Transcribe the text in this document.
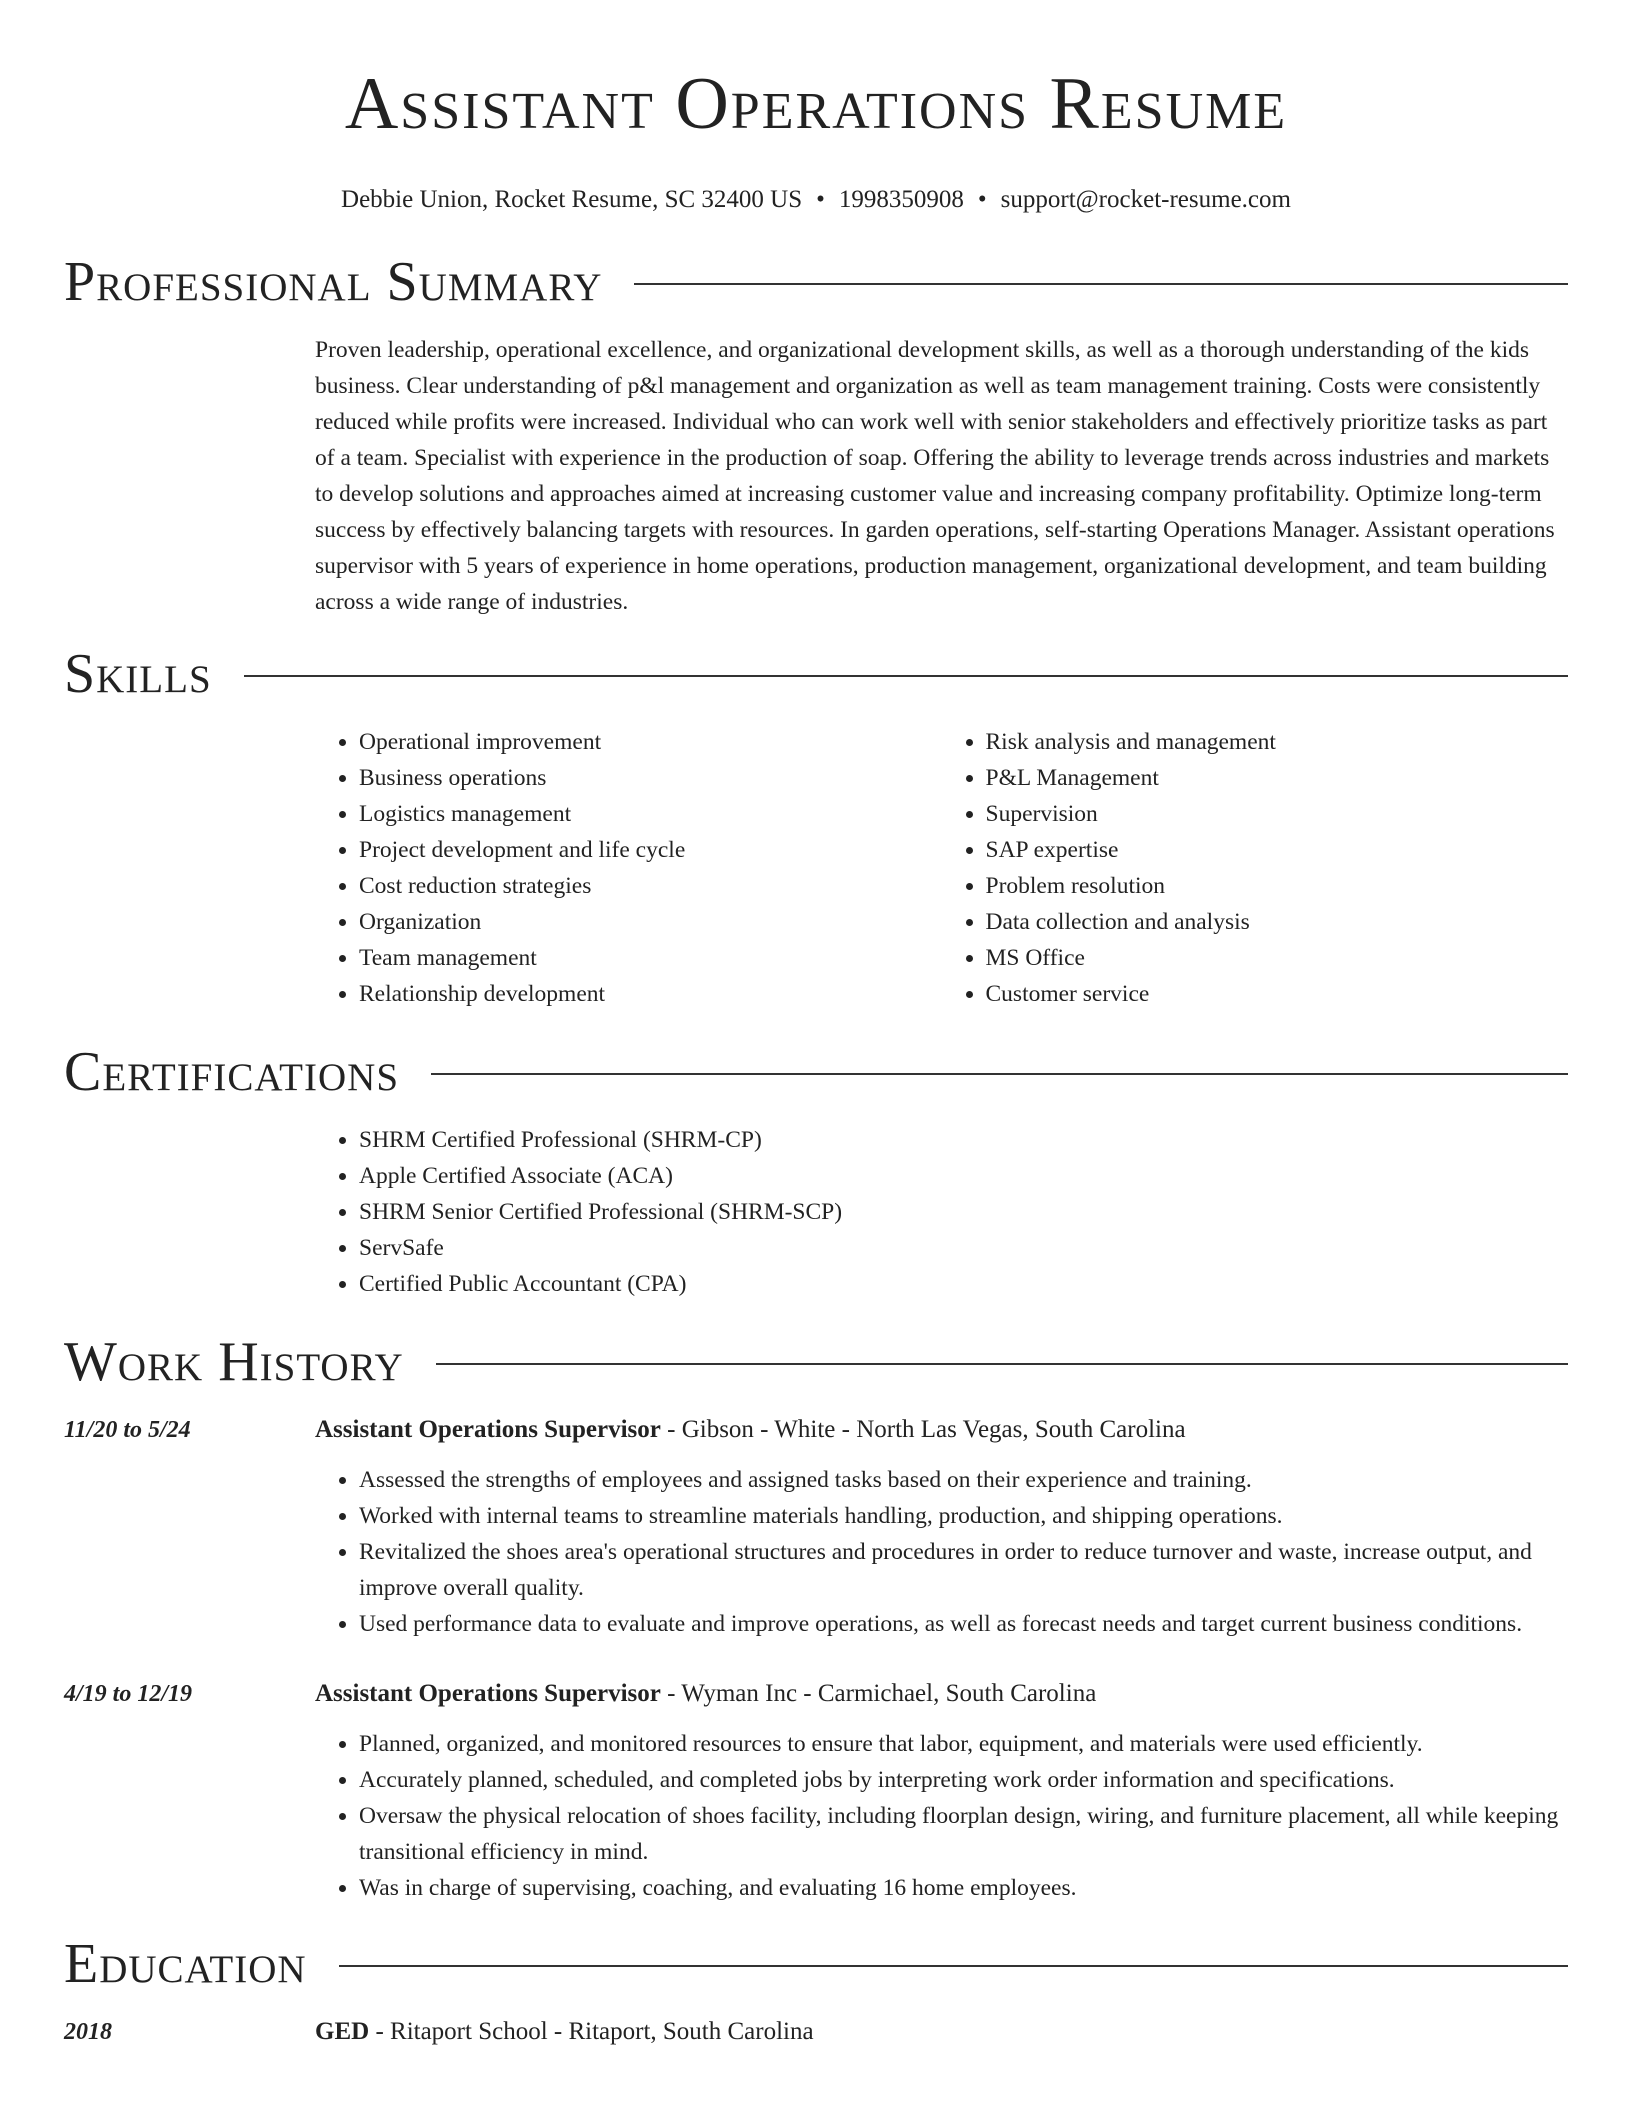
Assistant Operations Resume
Debbie Union, Rocket Resume, SC 32400 US • 1998350908 • support@rocket-resume.com
Professional Summary
Proven leadership, operational excellence, and organizational development skills, as well as a thorough understanding of the kids business. Clear understanding of p&l management and organization as well as team management training. Costs were consistently reduced while profits were increased. Individual who can work well with senior stakeholders and effectively prioritize tasks as part of a team. Specialist with experience in the production of soap. Offering the ability to leverage trends across industries and markets to develop solutions and approaches aimed at increasing customer value and increasing company profitability. Optimize long-term success by effectively balancing targets with resources. In garden operations, self-starting Operations Manager. Assistant operations supervisor with 5 years of experience in home operations, production management, organizational development, and team building across a wide range of industries.
Skills
• Operational improvement
• Business operations
• Logistics management
• Project development and life cycle
• Cost reduction strategies
• Organization
• Team management
• Relationship development
• Risk analysis and management
• P&L Management
• Supervision
• SAP expertise
• Problem resolution
• Data collection and analysis
• MS Office
• Customer service
Certifications
• SHRM Certified Professional (SHRM-CP)
• Apple Certified Associate (ACA)
• SHRM Senior Certified Professional (SHRM-SCP)
• ServSafe
• Certified Public Accountant (CPA)
Work History
11/20 to 5/24	Assistant Operations Supervisor - Gibson - White - North Las Vegas, South Carolina
• Assessed the strengths of employees and assigned tasks based on their experience and training.
• Worked with internal teams to streamline materials handling, production, and shipping operations.
• Revitalized the shoes area's operational structures and procedures in order to reduce turnover and waste, increase output, and improve overall quality.
• Used performance data to evaluate and improve operations, as well as forecast needs and target current business conditions.
4/19 to 12/19	Assistant Operations Supervisor - Wyman Inc - Carmichael, South Carolina
• Planned, organized, and monitored resources to ensure that labor, equipment, and materials were used efficiently.
• Accurately planned, scheduled, and completed jobs by interpreting work order information and specifications.
• Oversaw the physical relocation of shoes facility, including floorplan design, wiring, and furniture placement, all while keeping transitional efficiency in mind.
• Was in charge of supervising, coaching, and evaluating 16 home employees.
Education
2018	GED - Ritaport School - Ritaport, South Carolina
